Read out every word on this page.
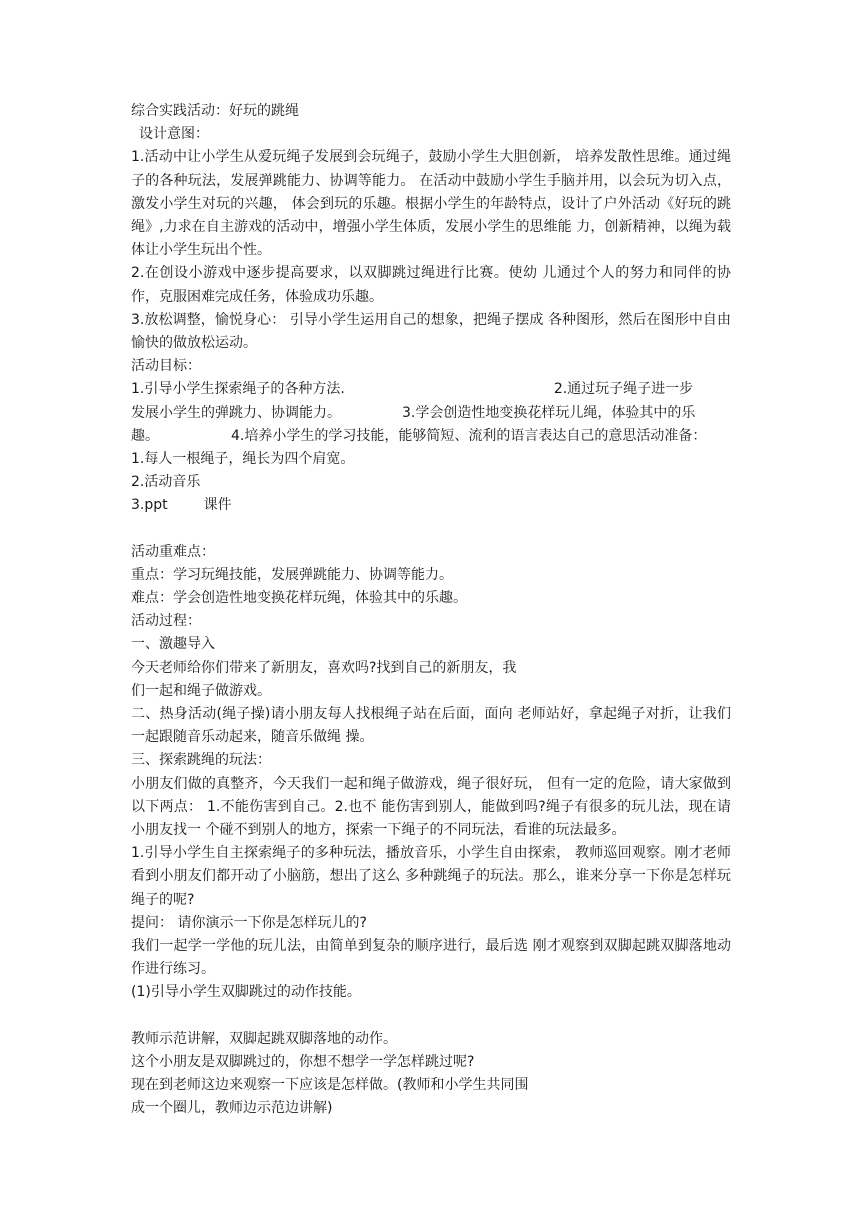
综合实践活动：好玩的跳绳
设计意图：
1.活动中让小学生从爱玩绳子发展到会玩绳子，鼓励小学生大胆创新， 培养发散性思维。通过绳子的各种玩法，发展弹跳能力、协调等能力。 在活动中鼓励小学生手脑并用，以会玩为切入点，激发小学生对玩的兴趣， 体会到玩的乐趣。根据小学生的年龄特点，设计了户外活动《好玩的跳 绳》,力求在自主游戏的活动中，增强小学生体质，发展小学生的思维能 力，创新精神，以绳为载体让小学生玩出个性。
2.在创设小游戏中逐步提高要求，以双脚跳过绳进行比赛。使幼 儿通过个人的努力和同伴的协作，克服困难完成任务，体验成功乐趣。
3.放松调整，愉悦身心： 引导小学生运用自己的想象，把绳子摆成 各种图形，然后在图形中自由愉快的做放松运动。
活动目标：
1.引导小学生探索绳子的各种方法.	2.通过玩子绳子进一步
发展小学生的弹跳力、协调能力。	3.学会创造性地变换花样玩儿绳，体验其中的乐
趣。	4.培养小学生的学习技能，能够简短、流利的语言表达自己的意思活动准备：
1.每人一根绳子，绳长为四个肩宽。
2.活动音乐
3.ppt	课件
活动重难点：
重点：学习玩绳技能，发展弹跳能力、协调等能力。
难点：学会创造性地变换花样玩绳，体验其中的乐趣。
活动过程：
一、激趣导入
今天老师给你们带来了新朋友，喜欢吗?找到自己的新朋友，我
们一起和绳子做游戏。
二、热身活动(绳子操)请小朋友每人找根绳子站在后面，面向 老师站好，拿起绳子对折，让我们一起跟随音乐动起来，随音乐做绳 操。
三、探索跳绳的玩法：
小朋友们做的真整齐，今天我们一起和绳子做游戏，绳子很好玩， 但有一定的危险，请大家做到以下两点： 1.不能伤害到自己。2.也不 能伤害到别人，能做到吗?绳子有很多的玩儿法，现在请小朋友找一 个碰不到别人的地方，探索一下绳子的不同玩法，看谁的玩法最多。
1.引导小学生自主探索绳子的多种玩法，播放音乐，小学生自由探索， 教师巡回观察。刚才老师看到小朋友们都开动了小脑筋，想出了这么 多种跳绳子的玩法。那么，谁来分享一下你是怎样玩绳子的呢?
提问： 请你演示一下你是怎样玩儿的?
我们一起学一学他的玩儿法，由简单到复杂的顺序进行，最后选 刚才观察到双脚起跳双脚落地动作进行练习。
(1)引导小学生双脚跳过的动作技能。
教师示范讲解，双脚起跳双脚落地的动作。
这个小朋友是双脚跳过的，你想不想学一学怎样跳过呢?
现在到老师这边来观察一下应该是怎样做。(教师和小学生共同围
成一个圈儿，教师边示范边讲解)
